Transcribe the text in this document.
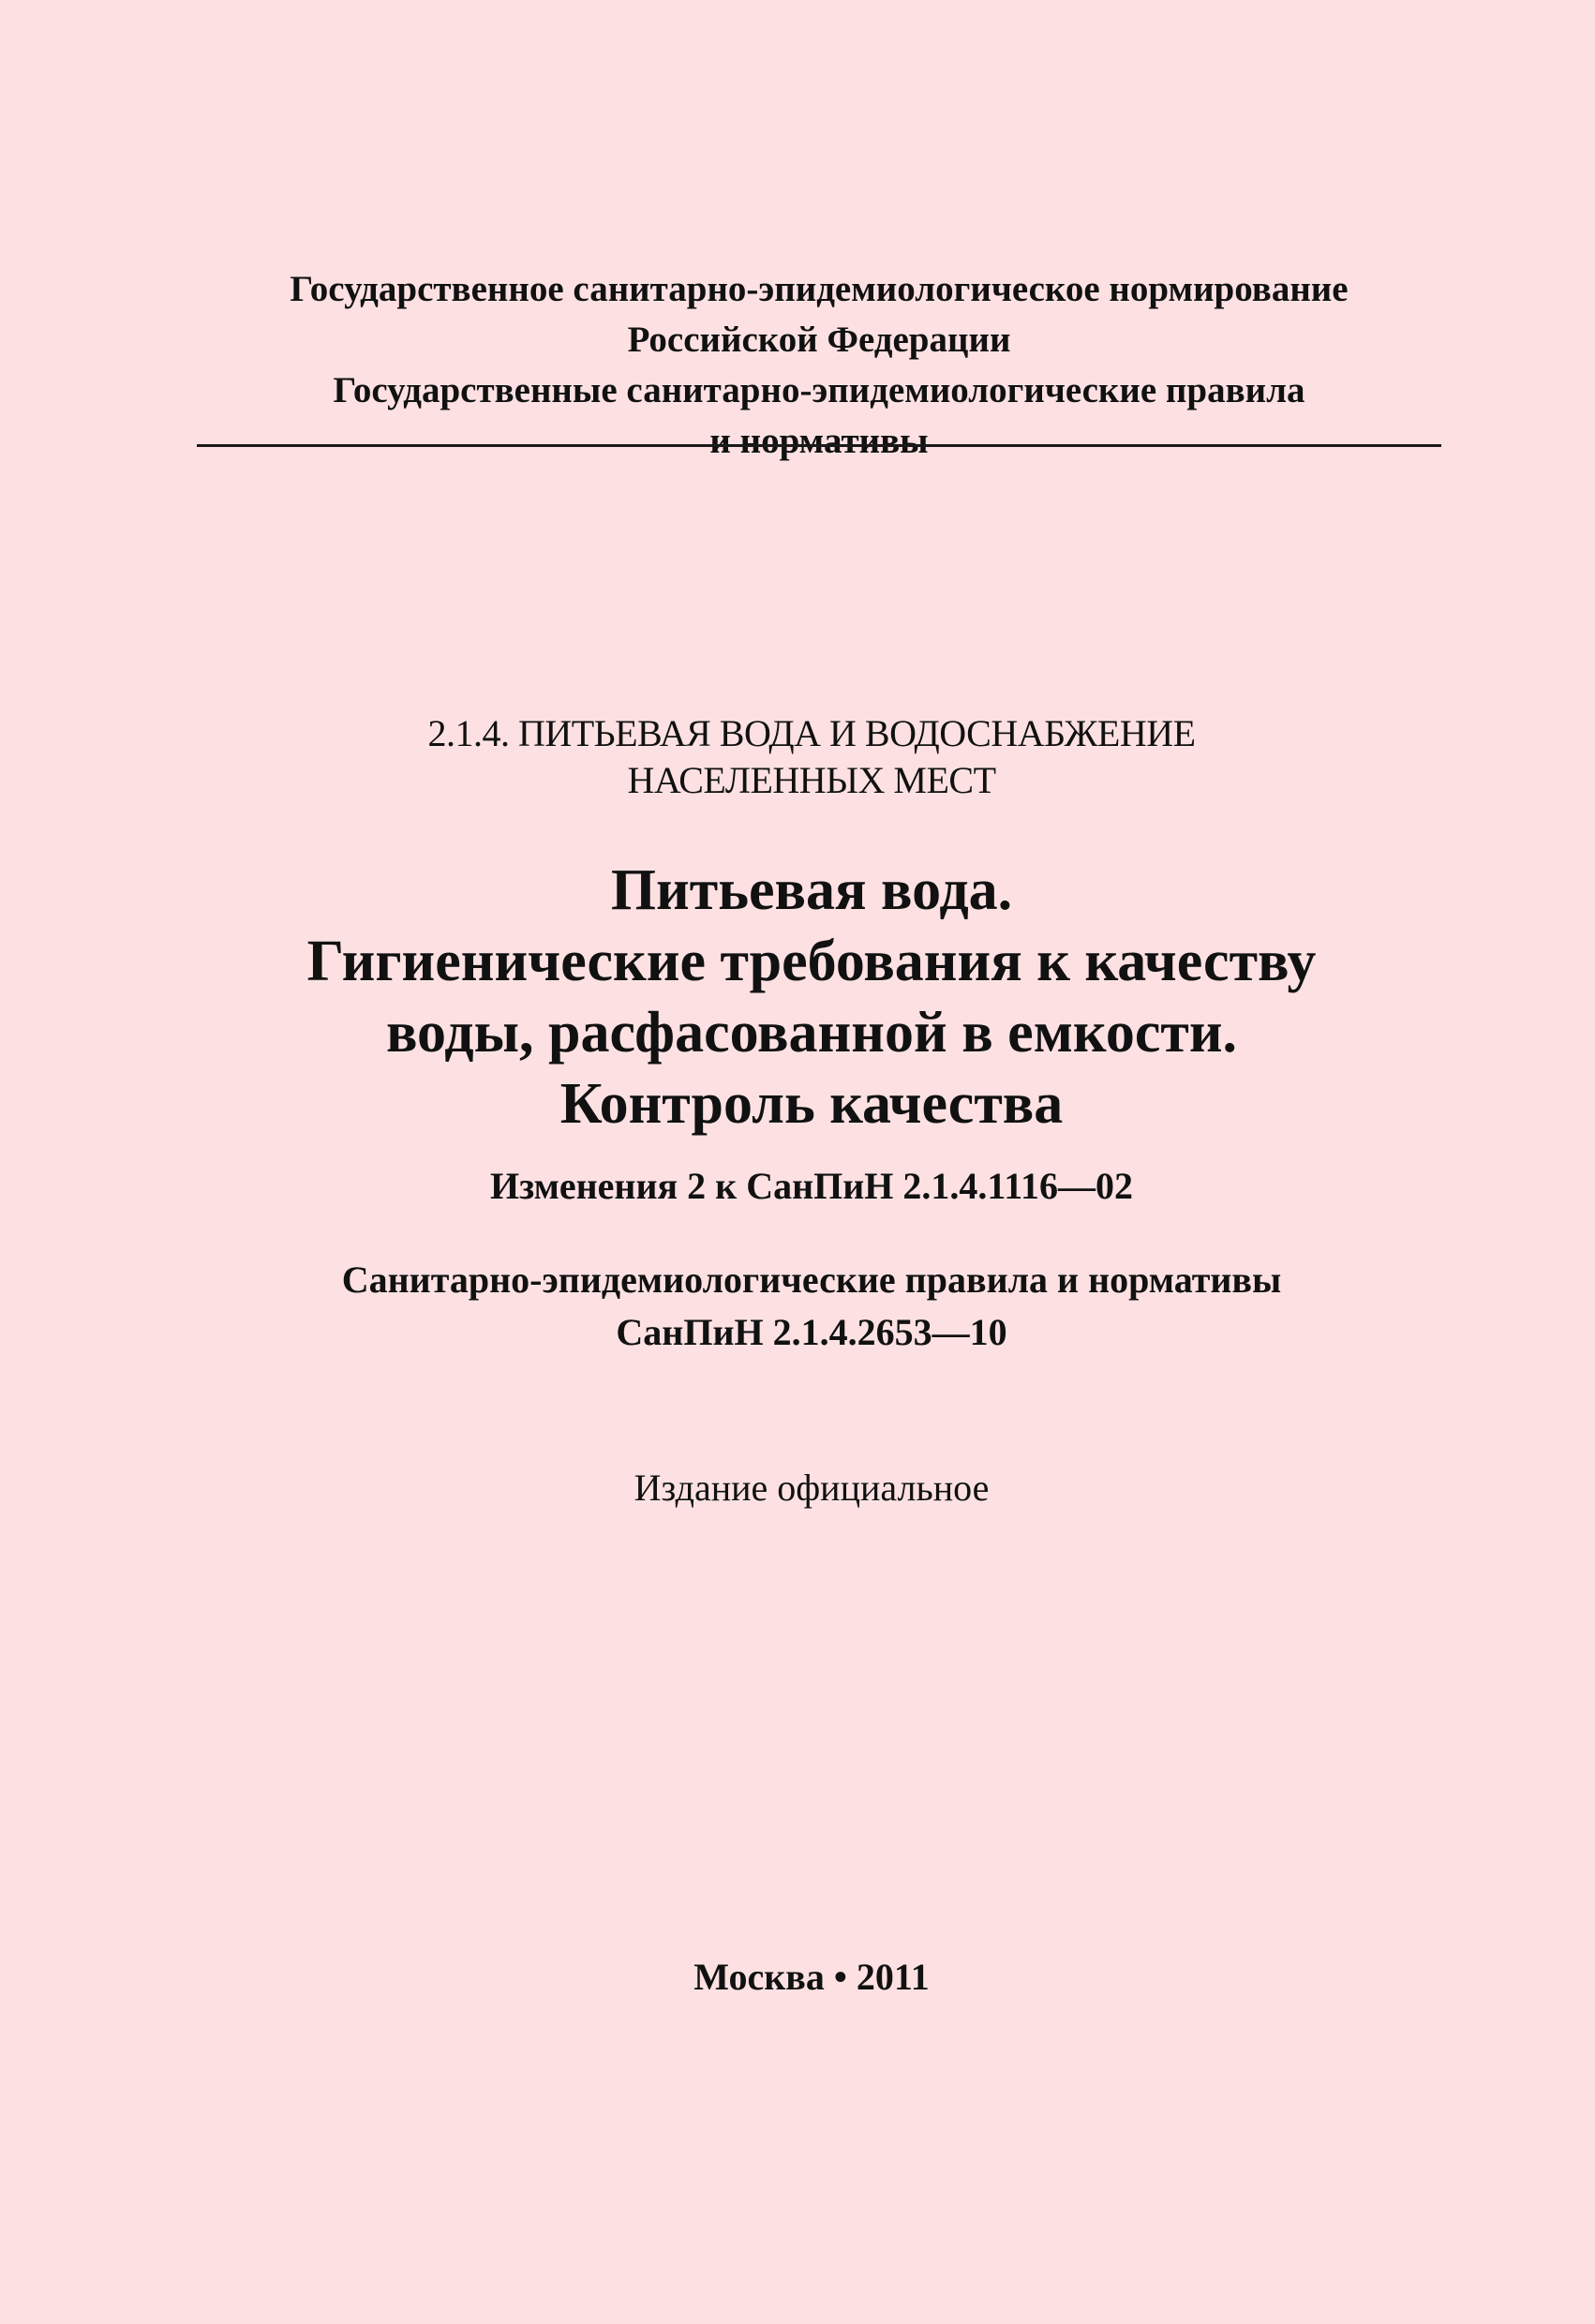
Государственное санитарно-эпидемиологическое нормирование
Российской Федерации
Государственные санитарно-эпидемиологические правила
и нормативы
2.1.4. ПИТЬЕВАЯ ВОДА И ВОДОСНАБЖЕНИЕ
НАСЕЛЕННЫХ МЕСТ
Питьевая вода.
Гигиенические требования к качеству
воды, расфасованной в емкости.
Контроль качества
Изменения 2 к СанПиН 2.1.4.1116—02
Санитарно-эпидемиологические правила и нормативы
СанПиН 2.1.4.2653—10
Издание официальное
Москва • 2011
